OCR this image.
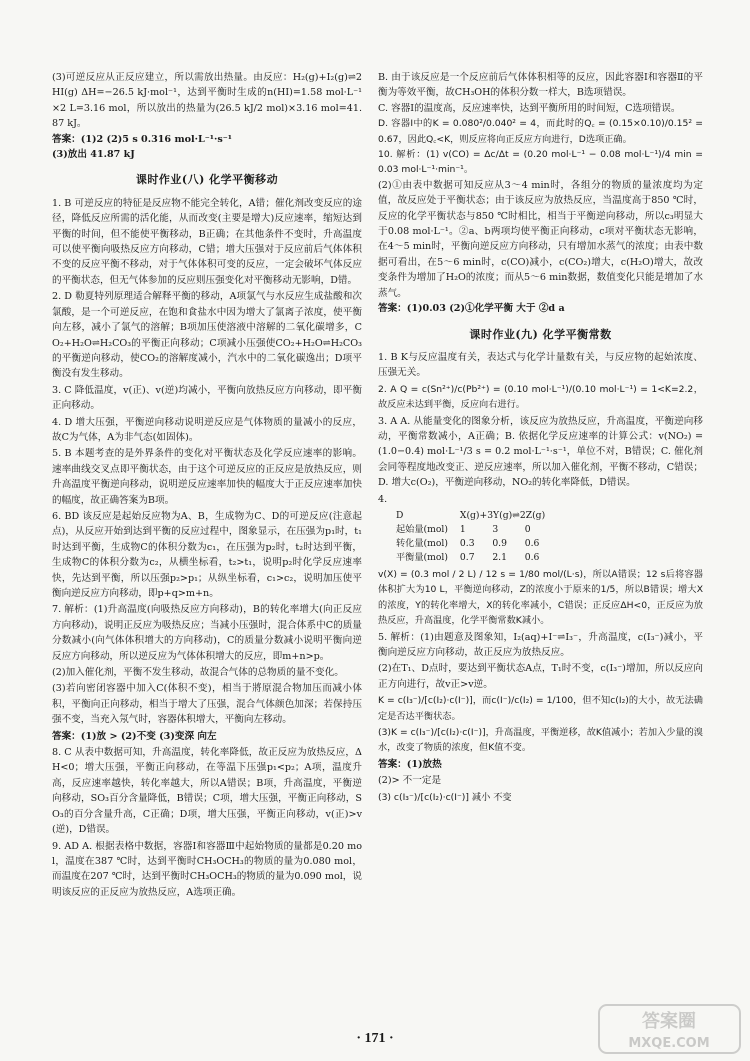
(3)可逆反应从正反应建立，所以需放出热量。由反应：H₂(g)+I₂(g)⇌2HI(g) ΔH=−26.5 kJ·mol⁻¹，达到平衡时生成的n(HI)=1.58 mol·L⁻¹×2 L=3.16 mol，所以放出的热量为(26.5 kJ/2 mol)×3.16 mol=41.87 kJ。

答案：(1)2 (2)5 s 0.316 mol·L⁻¹·s⁻¹

(3)放出 41.87 kJ

课时作业(八) 化学平衡移动

1. B 可逆反应的特征是反应物不能完全转化，A错；催化剂改变反应的途径，降低反应所需的活化能，从而改变(主要是增大)反应速率，缩短达到平衡的时间，但不能使平衡移动，B正确；在其他条件不变时，升高温度可以使平衡向吸热反应方向移动，C错；增大压强对于反应前后气体体积不变的反应平衡不移动，对于气体体积可变的反应，一定会破坏气体反应的平衡状态，但无气体参加的反应则压强变化对平衡移动无影响，D错。

2. D 勒夏特列原理适合解释平衡的移动，A项氯气与水反应生成盐酸和次氯酸，是一个可逆反应，在饱和食盐水中因为增大了氯离子浓度，使平衡向左移，减小了氯气的溶解；B项加压使溶液中溶解的二氧化碳增多，CO₂+H₂O⇌H₂CO₃的平衡正向移动；C项减小压强使CO₂+H₂O⇌H₂CO₃的平衡逆向移动，使CO₂的溶解度减小，汽水中的二氧化碳逸出；D项平衡没有发生移动。

3. C 降低温度，v(正)、v(逆)均减小，平衡向放热反应方向移动，即平衡正向移动。

4. D 增大压强，平衡逆向移动说明逆反应是气体物质的量减小的反应，故C为气体，A为非气态(如固体)。

5. B 本题考查的是外界条件的变化对平衡状态及化学反应速率的影响。速率曲线交叉点即平衡状态，由于这个可逆反应的正反应是放热反应，则升高温度平衡逆向移动，说明逆反应速率加快的幅度大于正反应速率加快的幅度，故正确答案为B项。

6. BD 该反应是起始反应物为A、B，生成物为C、D的可逆反应(注意起点)，从反应开始到达到平衡的反应过程中，图象显示，在压强为p₁时，t₁时达到平衡，生成物C的体积分数为c₁，在压强为p₂时，t₂时达到平衡，生成物C的体积分数为c₂，从横坐标看，t₂>t₁，说明p₂时化学反应速率快，先达到平衡，所以压强p₂>p₁；从纵坐标看，c₁>c₂，说明加压使平衡向逆反应方向移动，即p+q>m+n。

7. 解析：(1)升高温度(向吸热反应方向移动)，B的转化率增大(向正反应方向移动)，说明正反应为吸热反应；当减小压强时，混合体系中C的质量分数减小(向气体体积增大的方向移动)，C的质量分数减小说明平衡向逆反应方向移动，所以逆反应为气体体积增大的反应，即m+n>p。

(2)加入催化剂，平衡不发生移动，故混合气体的总物质的量不变化。

(3)若向密闭容器中加入C(体积不变)，相当于將原混合物加压而减小体积，平衡向正向移动，相当于增大了压强，混合气体颜色加深；若保持压强不变，当充入氖气时，容器体积增大，平衡向左移动。

答案：(1)放 > (2)不变 (3)变深 向左

8. C 从表中数据可知，升高温度，转化率降低，故正反应为放热反应，ΔH<0；增大压强，平衡正向移动，在等温下压强p₁<p₂；A项，温度升高，反应速率越快，转化率越大，所以A错误；B项，升高温度，平衡逆向移动，SO₃百分含量降低，B错误；C项，增大压强，平衡正向移动，SO₃的百分含量升高，C正确；D项，增大压强，平衡正向移动，v(正)>v(逆)，D错误。

9. AD A. 根据表格中数据，容器Ⅰ和容器Ⅲ中起始物质的量都是0.20 mol，温度在387 ℃时，达到平衡时CH₃OCH₃的物质的量为0.080 mol，而温度在207 ℃时，达到平衡时CH₃OCH₃的物质的量为0.090 mol，说明该反应的正反应为放热反应，A选项正确。

B. 由于该反应是一个反应前后气体体积相等的反应，因此容器Ⅰ和容器Ⅱ的平衡为等效平衡，故CH₃OH的体积分数一样大，B选项错误。

C. 容器Ⅰ的温度高，反应速率快，达到平衡所用的时间短，C选项错误。

D. 容器Ⅰ中的K = 0.080²/0.040² = 4，而此时的Q꜀ = (0.15×0.10)/0.15² = 0.67，因此Q꜀<K，则反应将向正反应方向进行，D选项正确。

10. 解析：(1) v(CO) = Δc/Δt = (0.20 mol·L⁻¹ − 0.08 mol·L⁻¹)/4 min = 0.03 mol·L⁻¹·min⁻¹。

(2)①由表中数据可知反应从3～4 min时，各组分的物质的量浓度均为定值，故反应处于平衡状态；由于该反应为放热反应，当温度高于850 ℃时，反应的化学平衡状态与850 ℃时相比，相当于平衡逆向移动，所以c₃明显大于0.08 mol·L⁻¹。②a、b两项均使平衡正向移动，c项对平衡状态无影响，在4～5 min时，平衡向逆反应方向移动，只有增加水蒸气的浓度；由表中数据可看出，在5～6 min时，c(CO)减小，c(CO₂)增大，c(H₂O)增大，故改变条件为增加了H₂O的浓度；而从5～6 min数据，数值变化只能是增加了水蒸气。

答案：(1)0.03 (2)①化学平衡 大于 ②d a

课时作业(九) 化学平衡常数

1. B K与反应温度有关，表达式与化学计量数有关，与反应物的起始浓度、压强无关。

2. A Q = c(Sn²⁺)/c(Pb²⁺) = (0.10 mol·L⁻¹)/(0.10 mol·L⁻¹) = 1<K=2.2，故反应未达到平衡，反应向右进行。

3. A A. 从能量变化的图象分析，该反应为放热反应，升高温度，平衡逆向移动，平衡常数减小，A正确；B. 依据化学反应速率的计算公式：v(NO₂) = (1.0−0.4) mol·L⁻¹/3 s = 0.2 mol·L⁻¹·s⁻¹，单位不对，B错误；C. 催化剂会同等程度地改变正、逆反应速率，所以加入催化剂，平衡不移动，C错误；D. 增大c(O₂)，平衡逆向移动，NO₂的转化率降低，D错误。

4.

D	X(g)+3Y(g)⇌2Z(g)		
起始量(mol)	1	3	0
转化量(mol)	0.3	0.9	0.6
平衡量(mol)	0.7	2.1	0.6

v(X) = (0.3 mol / 2 L) / 12 s = 1/80 mol/(L·s)，所以A错误；12 s后将容器体积扩大为10 L，平衡逆向移动，Z的浓度小于原来的1/5，所以B错误；增大X的浓度，Y的转化率增大，X的转化率减小，C错误；正反应ΔH<0，正反应为放热反应，升高温度，化学平衡常数K减小。

5. 解析：(1)由题意及图象知，I₂(aq)+I⁻⇌I₃⁻，升高温度，c(I₃⁻)减小，平衡向逆反应方向移动，故正反应为放热反应。

(2)在T₁、D点时，要达到平衡状态A点，T₁时不变，c(I₃⁻)增加，所以反应向正方向进行，故v正>v逆。

K = c(I₃⁻)/[c(I₂)·c(I⁻)]，而c(I⁻)/c(I₂) = 1/100，但不知c(I₂)的大小，故无法确定是否达平衡状态。

(3)K = c(I₃⁻)/[c(I₂)·c(I⁻)]，升高温度，平衡逆移，故K值减小；若加入少量的溴水，改变了物质的浓度，但K值不变。

答案：(1)放热

(2)> 不一定是

(3) c(I₃⁻)/[c(I₂)·c(I⁻)] 减小 不变

· 171 ·
答案圈
MXQE.COM
